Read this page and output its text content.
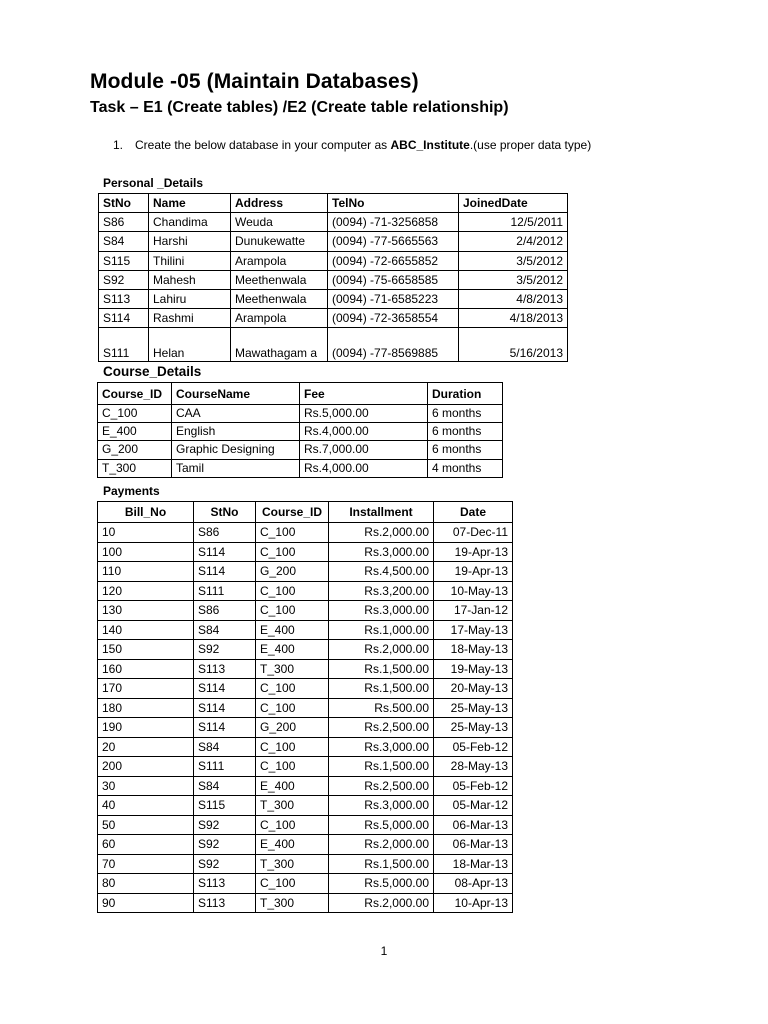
Module -05 (Maintain Databases)
Task – E1 (Create tables) /E2 (Create table relationship)
1. Create the below database in your computer as ABC_Institute.(use proper data type)
Personal _Details
StNo	Name	Address	TelNo	JoinedDate
S86	Chandima	Weuda	(0094) -71-3256858	12/5/2011
S84	Harshi	Dunukewatte	(0094) -77-5665563	2/4/2012
S115	Thilini	Arampola	(0094) -72-6655852	3/5/2012
S92	Mahesh	Meethenwala	(0094) -75-6658585	3/5/2012
S113	Lahiru	Meethenwala	(0094) -71-6585223	4/8/2013
S114	Rashmi	Arampola	(0094) -72-3658554	4/18/2013
S111	Helan	Mawathagam a	(0094) -77-8569885	5/16/2013
Course_Details
Course_ID	CourseName	Fee	Duration
C_100	CAA	Rs.5,000.00	6 months
E_400	English	Rs.4,000.00	6 months
G_200	Graphic Designing	Rs.7,000.00	6 months
T_300	Tamil	Rs.4,000.00	4 months
Payments
Bill_No	StNo	Course_ID	Installment	Date
10	S86	C_100	Rs.2,000.00	07-Dec-11
100	S114	C_100	Rs.3,000.00	19-Apr-13
110	S114	G_200	Rs.4,500.00	19-Apr-13
120	S111	C_100	Rs.3,200.00	10-May-13
130	S86	C_100	Rs.3,000.00	17-Jan-12
140	S84	E_400	Rs.1,000.00	17-May-13
150	S92	E_400	Rs.2,000.00	18-May-13
160	S113	T_300	Rs.1,500.00	19-May-13
170	S114	C_100	Rs.1,500.00	20-May-13
180	S114	C_100	Rs.500.00	25-May-13
190	S114	G_200	Rs.2,500.00	25-May-13
20	S84	C_100	Rs.3,000.00	05-Feb-12
200	S111	C_100	Rs.1,500.00	28-May-13
30	S84	E_400	Rs.2,500.00	05-Feb-12
40	S115	T_300	Rs.3,000.00	05-Mar-12
50	S92	C_100	Rs.5,000.00	06-Mar-13
60	S92	E_400	Rs.2,000.00	06-Mar-13
70	S92	T_300	Rs.1,500.00	18-Mar-13
80	S113	C_100	Rs.5,000.00	08-Apr-13
90	S113	T_300	Rs.2,000.00	10-Apr-13
1
